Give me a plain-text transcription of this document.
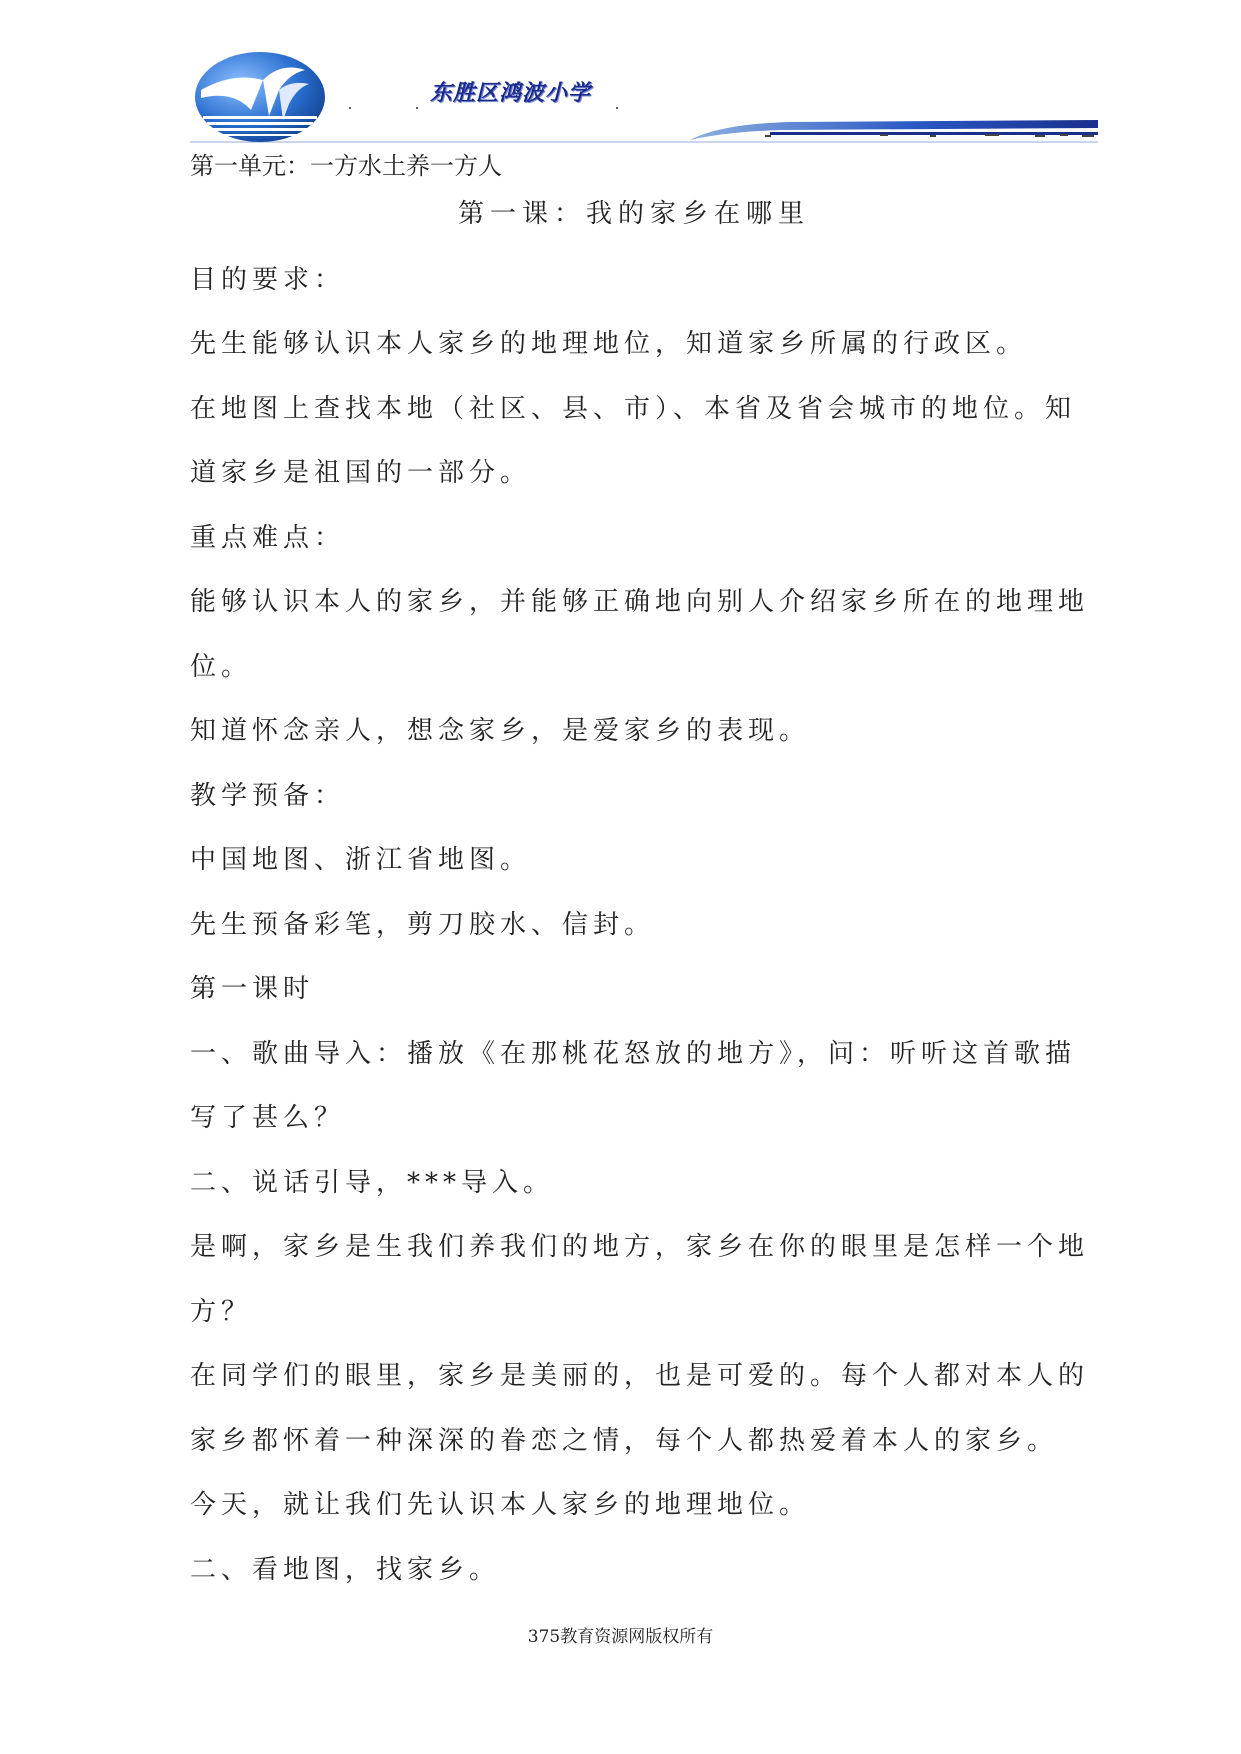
东胜区鸿波小学
第一单元：一方水土养一方人
第一课：我的家乡在哪里
目的要求：
先生能够认识本人家乡的地理地位，知道家乡所属的行政区。
在地图上查找本地（社区、县、市）、本省及省会城市的地位。知
道家乡是祖国的一部分。
重点难点：
能够认识本人的家乡，并能够正确地向别人介绍家乡所在的地理地
位。
知道怀念亲人，想念家乡，是爱家乡的表现。
教学预备：
中国地图、浙江省地图。
先生预备彩笔，剪刀胶水、信封。
第一课时
一、歌曲导入：播放《在那桃花怒放的地方》，问：听听这首歌描
写了甚么？
二、说话引导，***导入。
是啊，家乡是生我们养我们的地方，家乡在你的眼里是怎样一个地
方？
在同学们的眼里，家乡是美丽的，也是可爱的。每个人都对本人的
家乡都怀着一种深深的眷恋之情，每个人都热爱着本人的家乡。
今天，就让我们先认识本人家乡的地理地位。
二、看地图，找家乡。
375教育资源网版权所有
